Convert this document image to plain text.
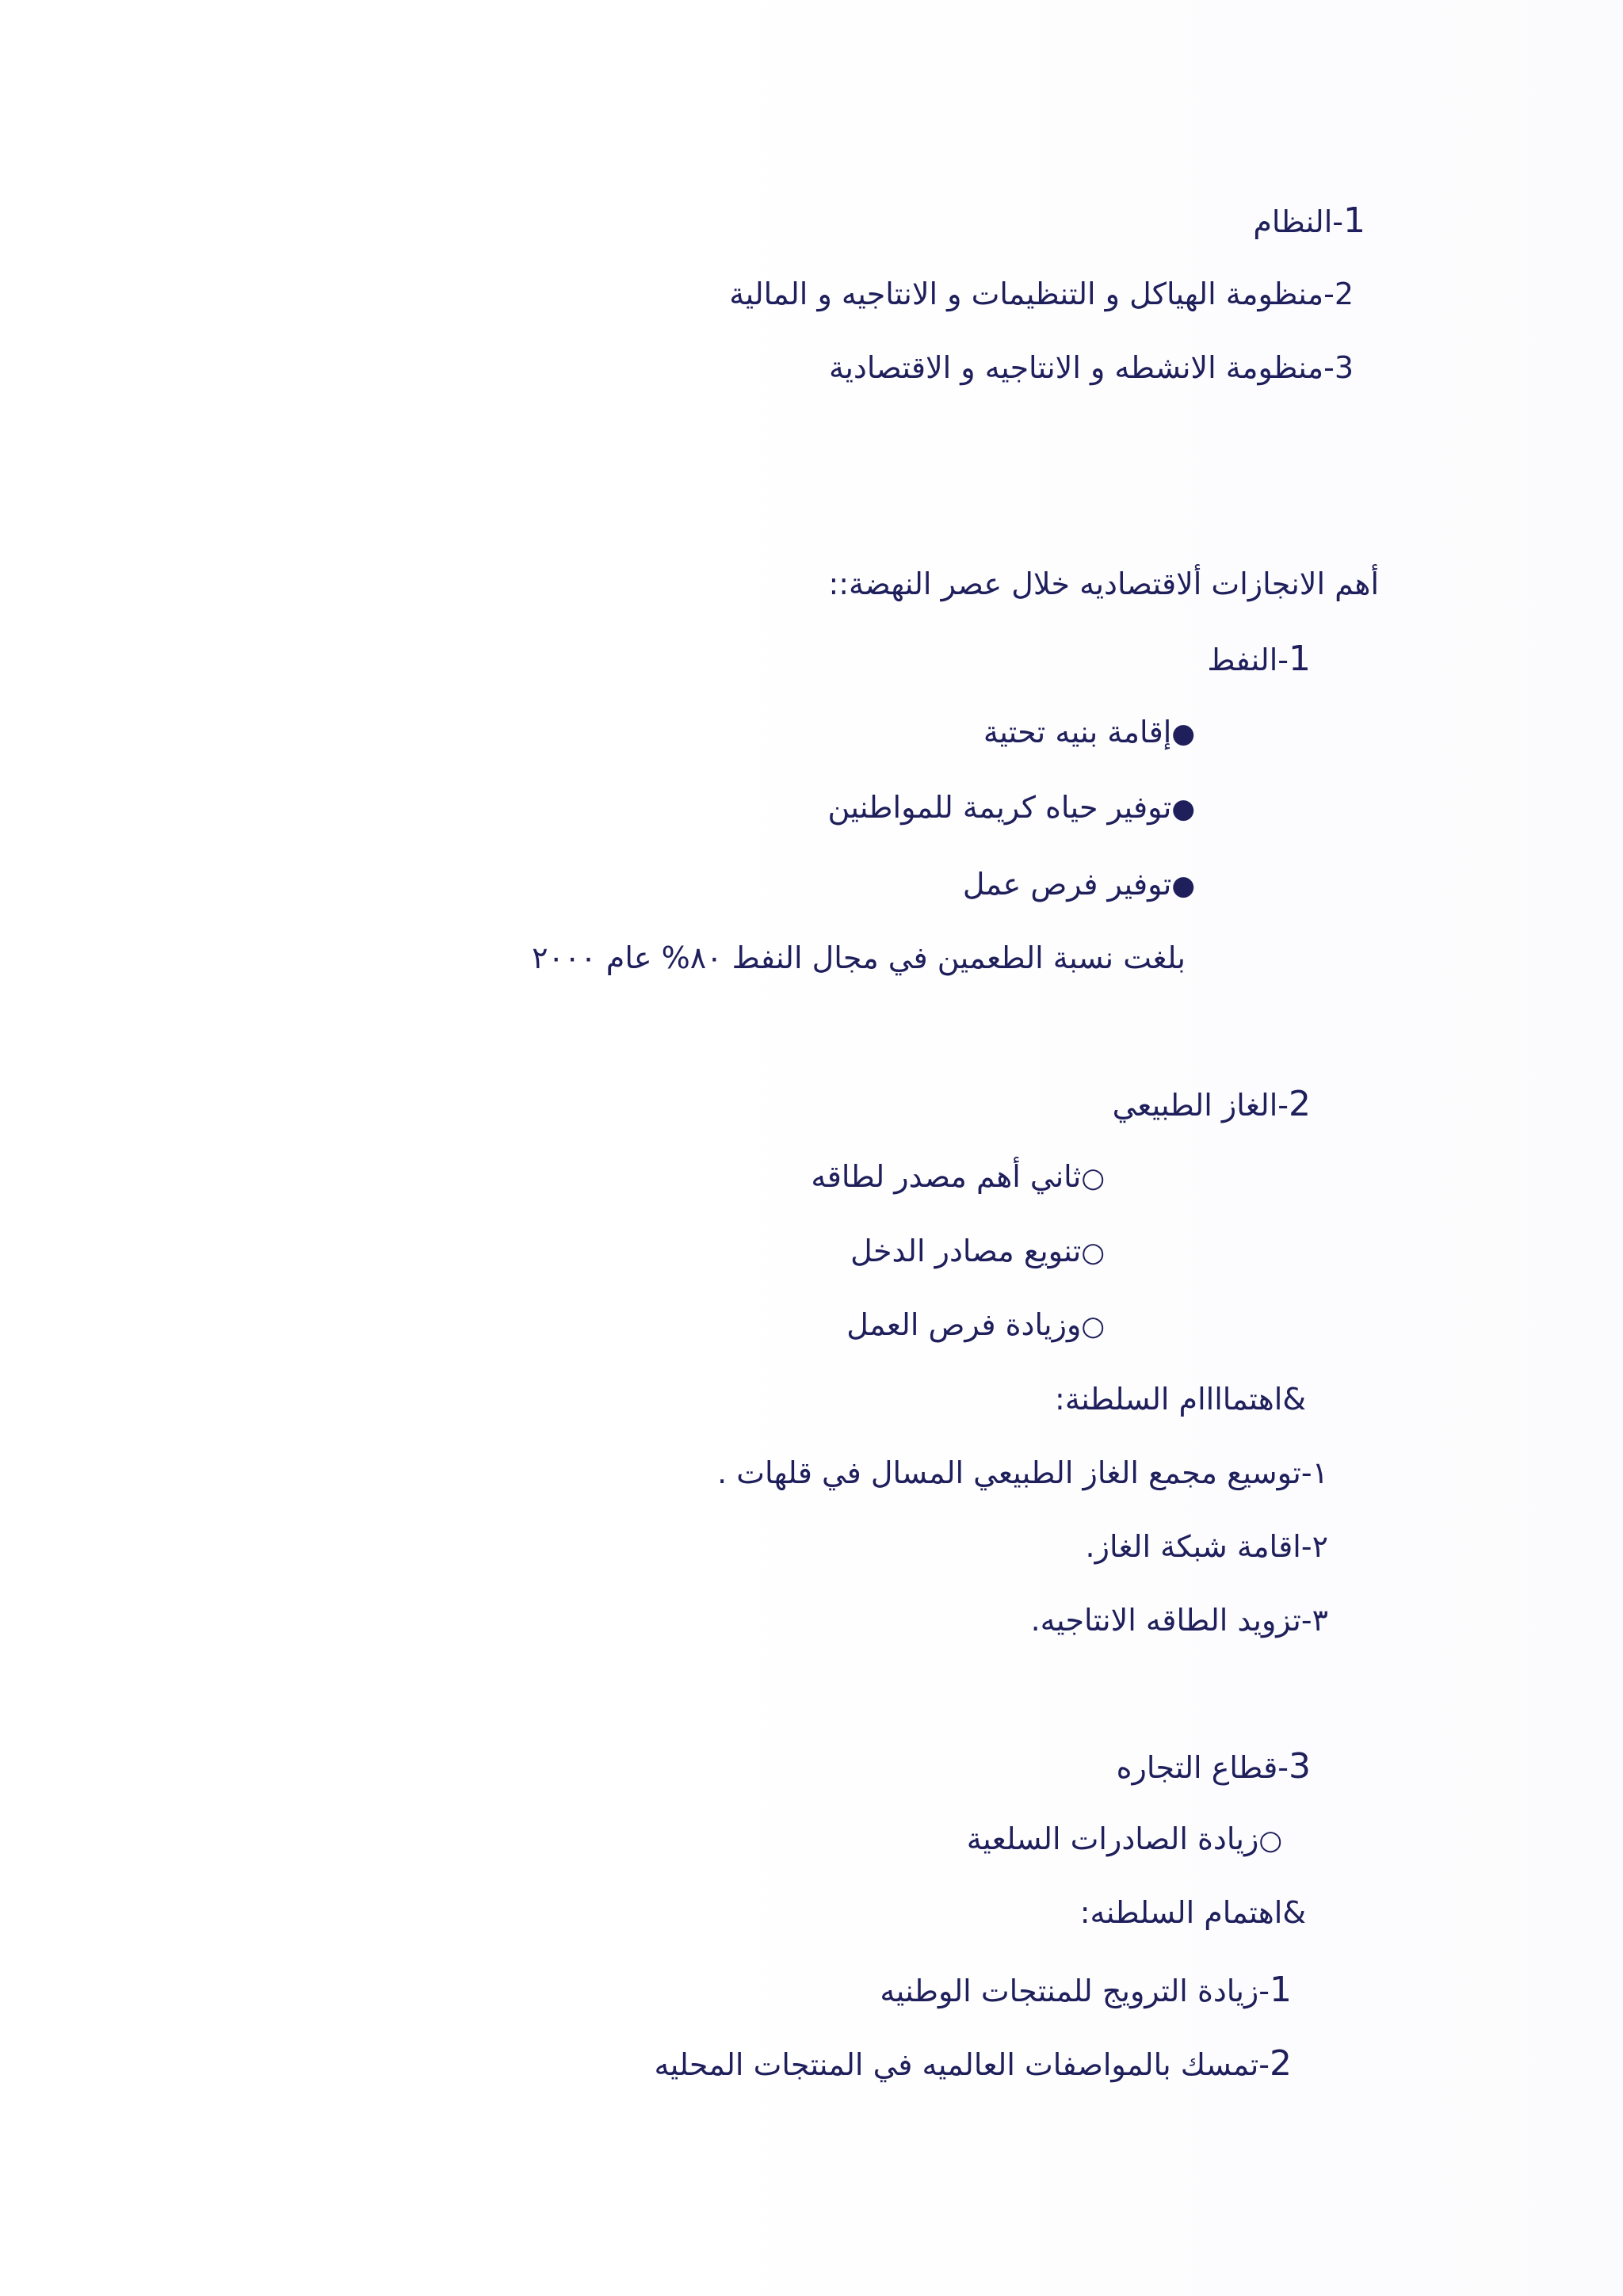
1-النظام
2-منظومة الهياكل و التنظيمات و الانتاجيه و المالية
3-منظومة الانشطه و الانتاجيه و الاقتصادية
أهم الانجازات ألاقتصاديه خلال عصر النهضة::
1-النفط
●إقامة بنيه تحتية
●توفير حياه كريمة للمواطنين
●توفير فرص عمل
بلغت نسبة الطعمين في مجال النفط ٨٠% عام ٢٠٠٠
2-الغاز الطبيعي
○ثاني أهم مصدر لطاقه
○تنويع مصادر الدخل
○وزيادة فرص العمل
&اهتماااام السلطنة:
١-توسيع مجمع الغاز الطبيعي المسال في قلهات .
٢-اقامة شبكة الغاز.
٣-تزويد الطاقه الانتاجيه.
3-قطاع التجاره
○زيادة الصادرات السلعية
&اهتمام السلطنه:
1-زيادة الترويج للمنتجات الوطنيه
2-تمسك بالمواصفات العالميه في المنتجات المحليه
